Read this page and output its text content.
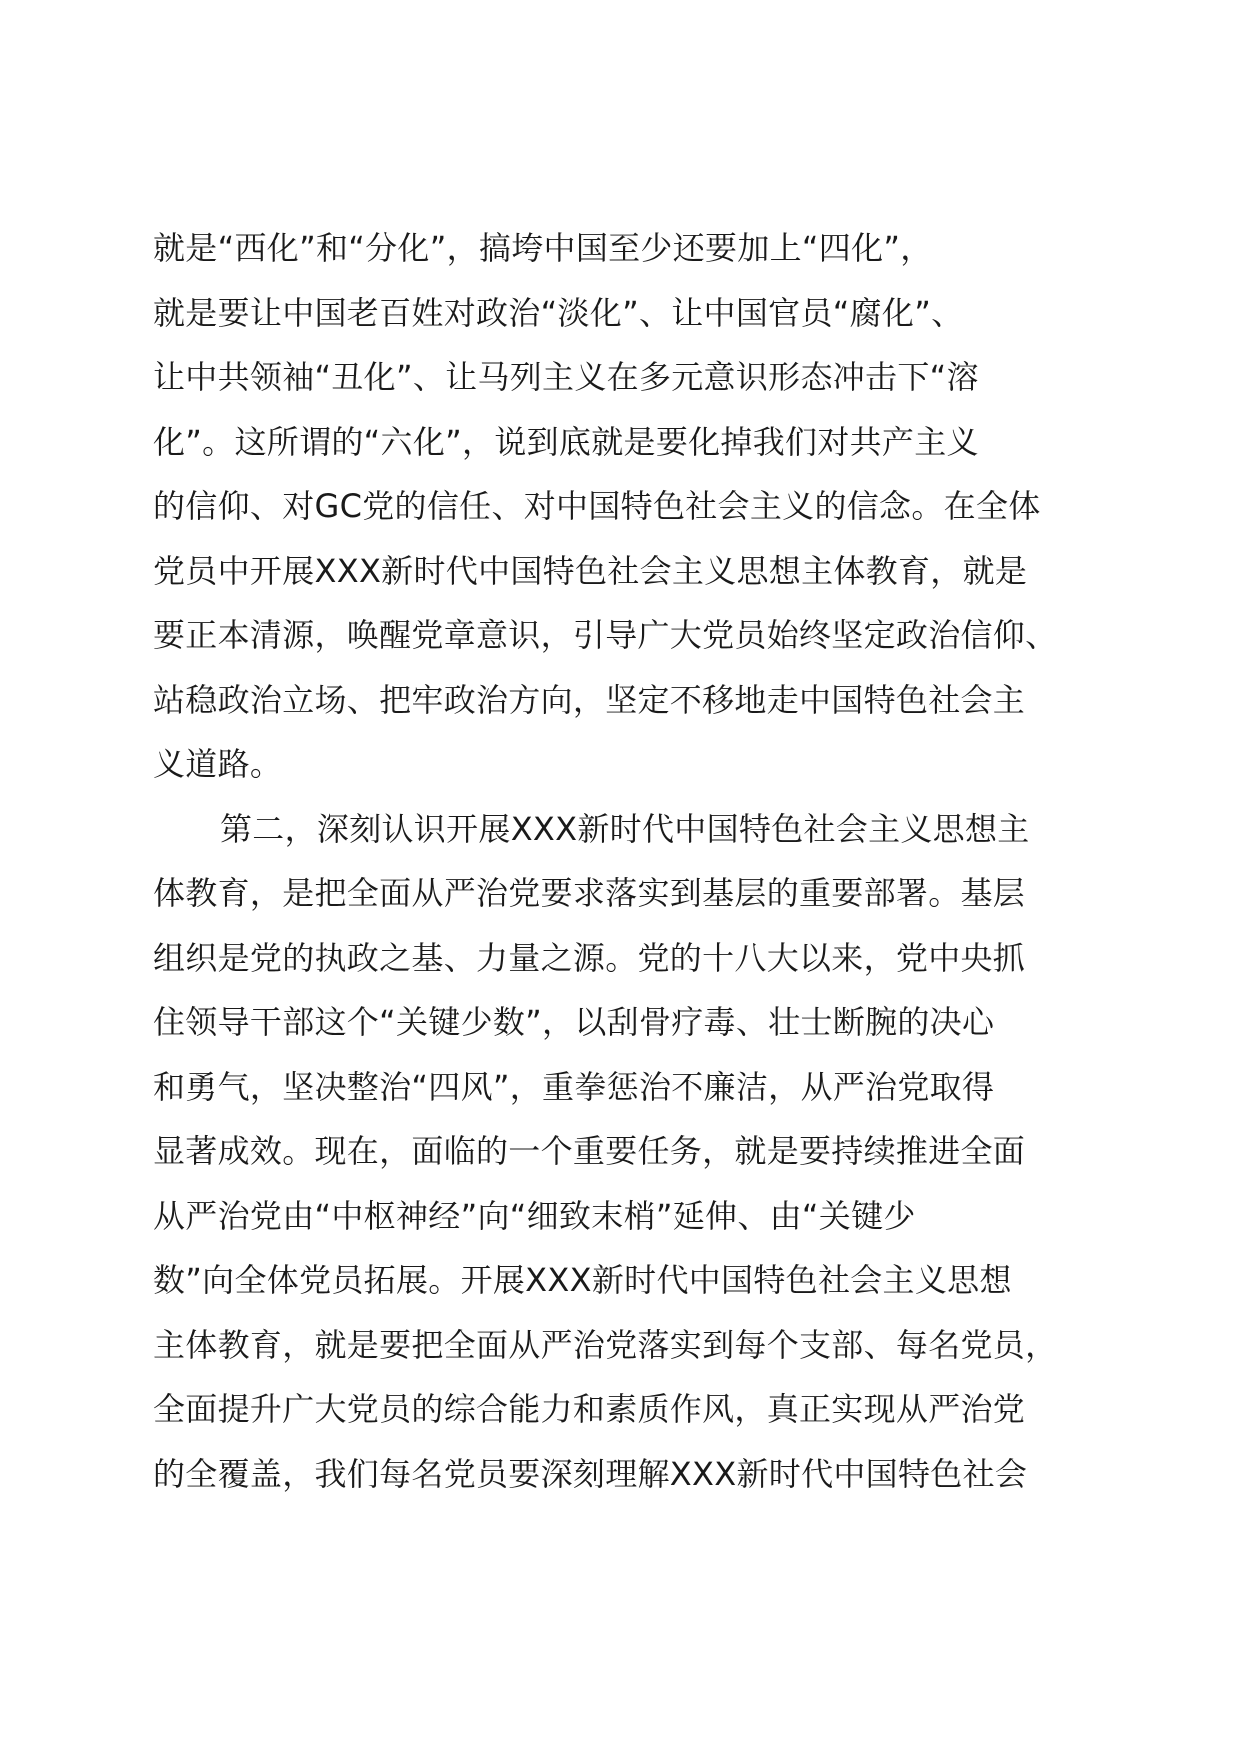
就是“西化”和“分化”，搞垮中国至少还要加上“四化”，
就是要让中国老百姓对政治“淡化”、让中国官员“腐化”、
让中共领袖“丑化”、让马列主义在多元意识形态冲击下“溶
化”。这所谓的“六化”，说到底就是要化掉我们对共产主义
的信仰、对GC党的信任、对中国特色社会主义的信念。在全体
党员中开展XXX新时代中国特色社会主义思想主体教育，就是
要正本清源，唤醒党章意识，引导广大党员始终坚定政治信仰、
站稳政治立场、把牢政治方向，坚定不移地走中国特色社会主
义道路。
第二，深刻认识开展XXX新时代中国特色社会主义思想主
体教育，是把全面从严治党要求落实到基层的重要部署。基层
组织是党的执政之基、力量之源。党的十八大以来，党中央抓
住领导干部这个“关键少数”，以刮骨疗毒、壮士断腕的决心
和勇气，坚决整治“四风”，重拳惩治不廉洁，从严治党取得
显著成效。现在，面临的一个重要任务，就是要持续推进全面
从严治党由“中枢神经”向“细致末梢”延伸、由“关键少
数”向全体党员拓展。开展XXX新时代中国特色社会主义思想
主体教育，就是要把全面从严治党落实到每个支部、每名党员，
全面提升广大党员的综合能力和素质作风，真正实现从严治党
的全覆盖，我们每名党员要深刻理解XXX新时代中国特色社会
